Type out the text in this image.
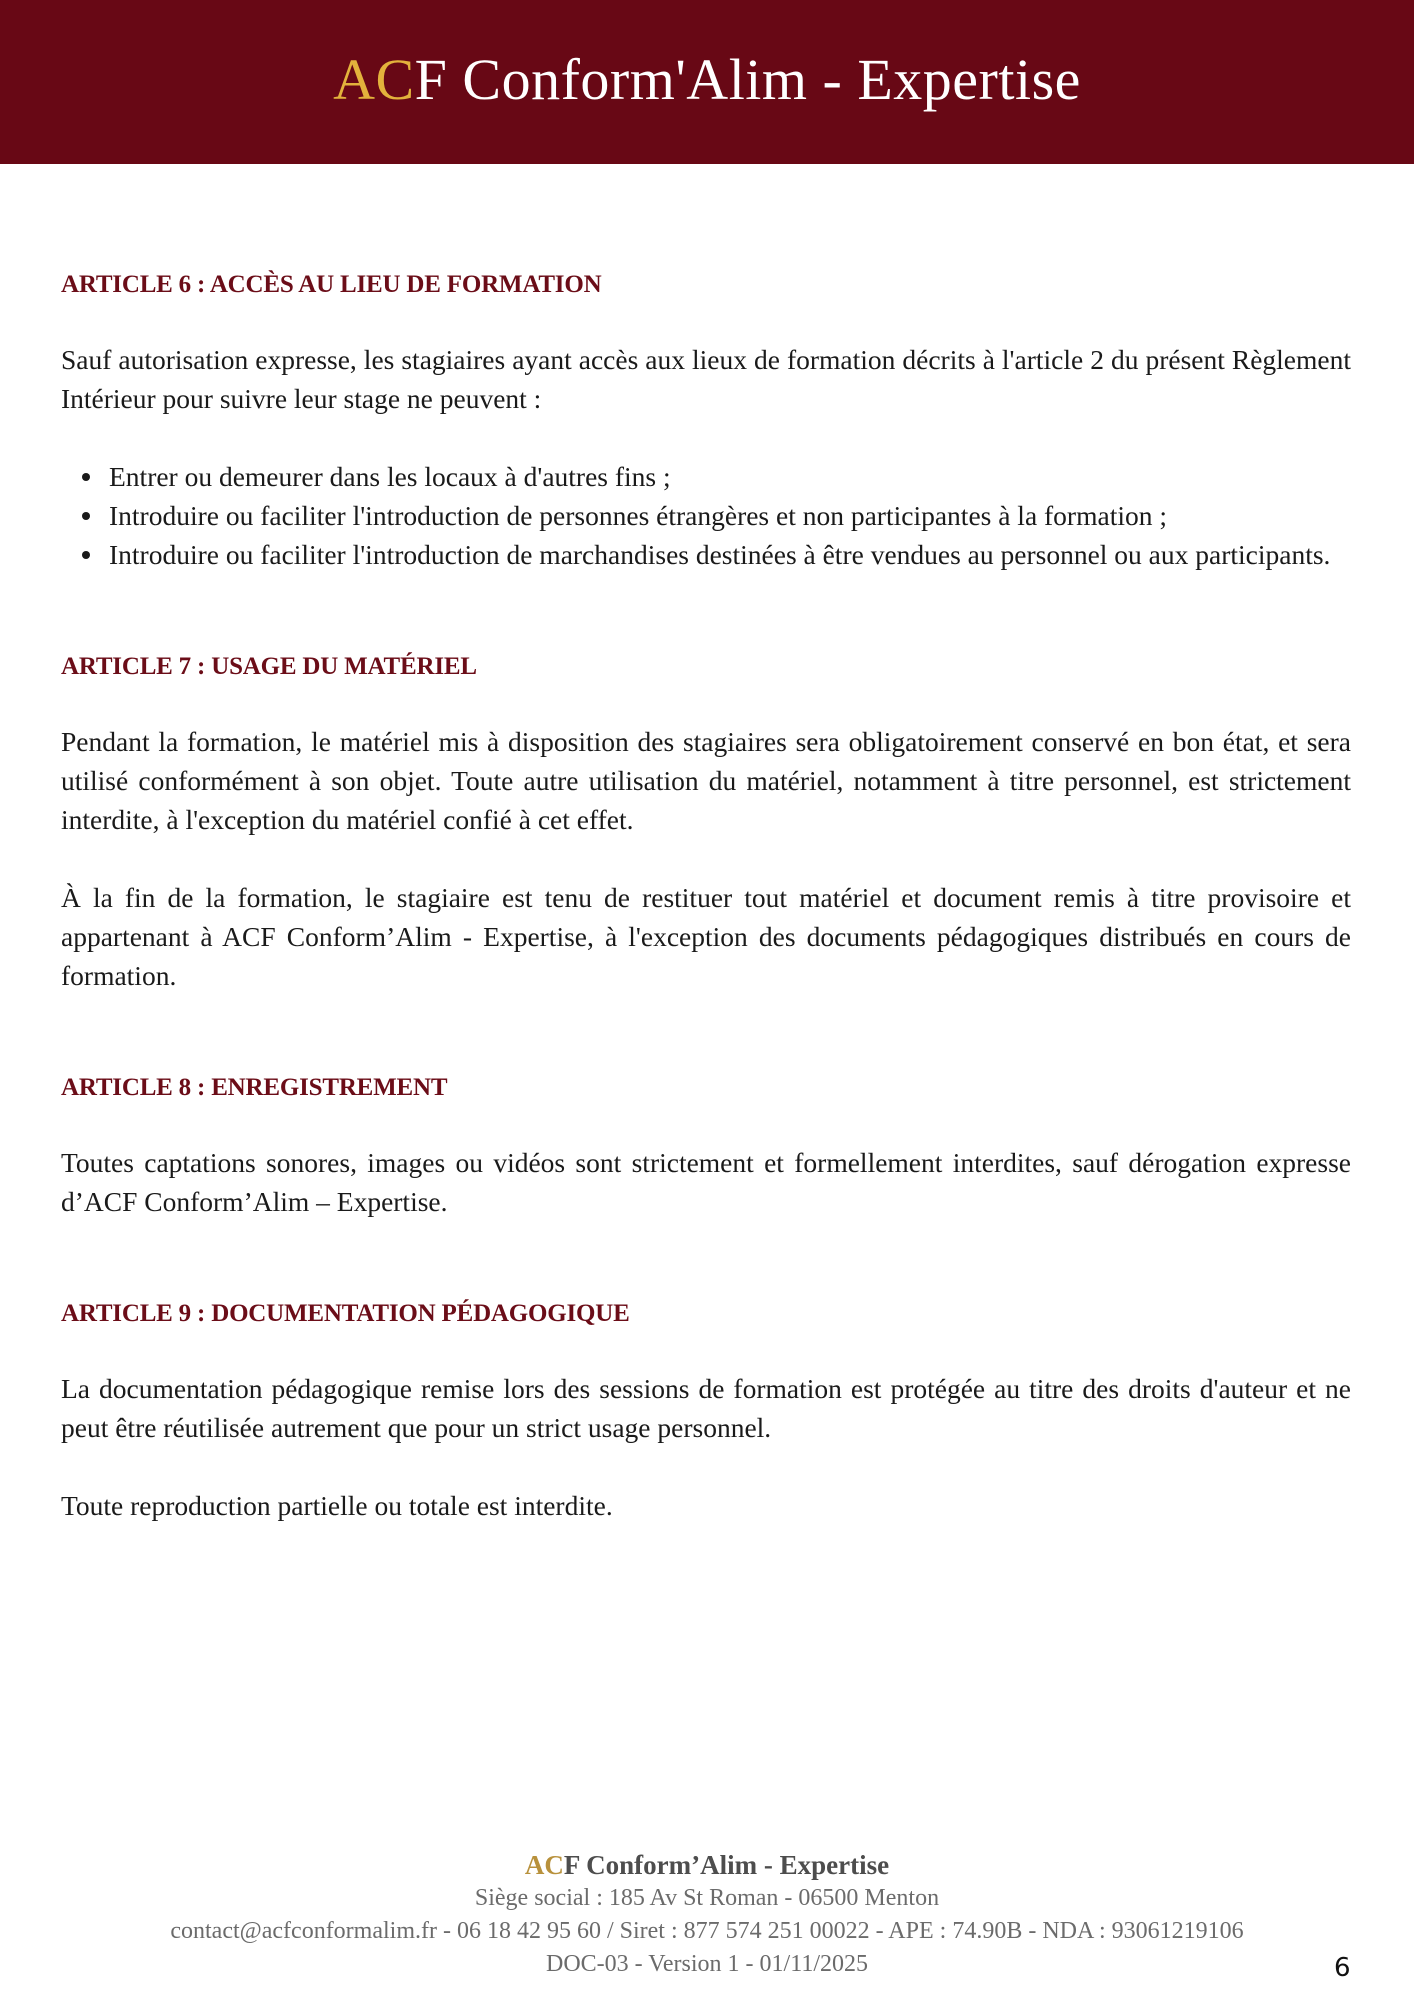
ACF Conform'Alim - Expertise
ARTICLE 6 : ACCÈS AU LIEU DE FORMATION

Sauf autorisation expresse, les stagiaires ayant accès aux lieux de formation décrits à l'article 2 du présent Règlement Intérieur pour suivre leur stage ne peuvent :

Entrer ou demeurer dans les locaux à d'autres fins ;
Introduire ou faciliter l'introduction de personnes étrangères et non participantes à la formation ;
Introduire ou faciliter l'introduction de marchandises destinées à être vendues au personnel ou aux participants.
ARTICLE 7 : USAGE DU MATÉRIEL

Pendant la formation, le matériel mis à disposition des stagiaires sera obligatoirement conservé en bon état, et sera utilisé conformément à son objet. Toute autre utilisation du matériel, notamment à titre personnel, est strictement interdite, à l'exception du matériel confié à cet effet.

À la fin de la formation, le stagiaire est tenu de restituer tout matériel et document remis à titre provisoire et appartenant à ACF Conform’Alim - Expertise, à l'exception des documents pédagogiques distribués en cours de formation.

ARTICLE 8 : ENREGISTREMENT

Toutes captations sonores, images ou vidéos sont strictement et formellement interdites, sauf dérogation expresse d’ACF Conform’Alim – Expertise.

ARTICLE 9 : DOCUMENTATION PÉDAGOGIQUE

La documentation pédagogique remise lors des sessions de formation est protégée au titre des droits d'auteur et ne peut être réutilisée autrement que pour un strict usage personnel.

Toute reproduction partielle ou totale est interdite.

ACF Conform’Alim - Expertise
Siège social : 185 Av St Roman - 06500 Menton
contact@acfconformalim.fr - 06 18 42 95 60 / Siret : 877 574 251 00022 - APE : 74.90B - NDA : 93061219106
DOC-03 - Version 1 - 01/11/2025	6
